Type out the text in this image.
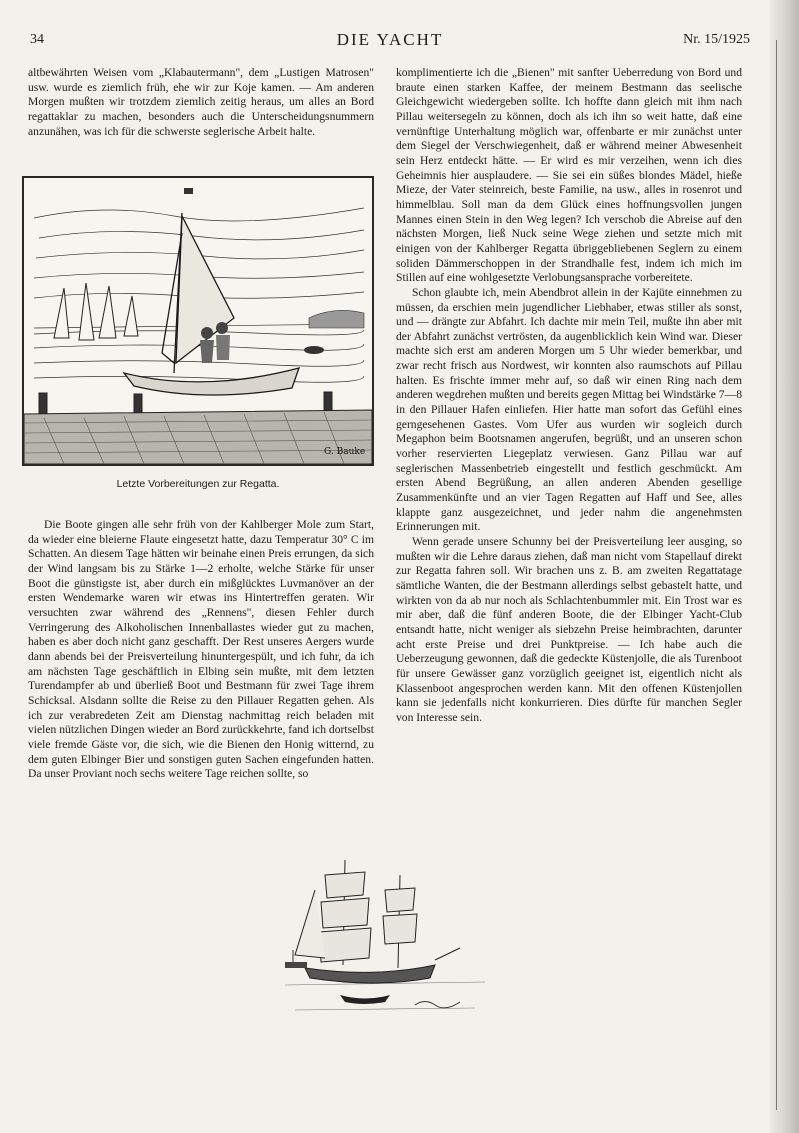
34	DIE YACHT	Nr. 15/1925

altbewährten Weisen vom „Klabautermann", dem „Lustigen Matrosen" usw. wurde es ziemlich früh, ehe wir zur Koje kamen. — Am anderen Morgen mußten wir trotzdem ziemlich zeitig heraus, um alles an Bord regattaklar zu machen, besonders auch die Unterscheidungsnummern anzunähen, was ich für die schwerste seglerische Arbeit halte.

G. Bauke
Letzte Vorbereitungen zur Regatta.

Die Boote gingen alle sehr früh von der Kahlberger Mole zum Start, da wieder eine bleierne Flaute eingesetzt hatte, dazu Temperatur 30° C im Schatten. An diesem Tage hätten wir beinahe einen Preis errungen, da sich der Wind langsam bis zu Stärke 1—2 erholte, welche Stärke für unser Boot die günstigste ist, aber durch ein mißglücktes Luvmanöver an der ersten Wendemarke waren wir etwas ins Hintertreffen geraten. Wir versuchten zwar während des „Rennens", diesen Fehler durch Verringerung des Alkoholischen Innenballastes wieder gut zu machen, haben es aber doch nicht ganz geschafft. Der Rest unseres Aergers wurde dann abends bei der Preisverteilung hinuntergespült, und ich fuhr, da ich am nächsten Tage geschäftlich in Elbing sein mußte, mit dem letzten Turendampfer ab und überließ Boot und Bestmann für zwei Tage ihrem Schicksal. Alsdann sollte die Reise zu den Pillauer Regatten gehen. Als ich zur verabredeten Zeit am Dienstag nachmittag reich beladen mit vielen nützlichen Dingen wieder an Bord zurückkehrte, fand ich dortselbst viele fremde Gäste vor, die sich, wie die Bienen den Honig witternd, zu dem guten Elbinger Bier und sonstigen guten Sachen eingefunden hatten. Da unser Proviant noch sechs weitere Tage reichen sollte, so

komplimentierte ich die „Bienen" mit sanfter Ueberredung von Bord und braute einen starken Kaffee, der meinem Bestmann das seelische Gleichgewicht wiedergeben sollte. Ich hoffte dann gleich mit ihm nach Pillau weitersegeln zu können, doch als ich ihn so weit hatte, daß eine vernünftige Unterhaltung möglich war, offenbarte er mir zunächst unter dem Siegel der Verschwiegenheit, daß er während meiner Abwesenheit sein Herz entdeckt hätte. — Er wird es mir verzeihen, wenn ich dies Geheimnis hier ausplaudere. — Sie sei ein süßes blondes Mädel, hieße Mieze, der Vater steinreich, beste Familie, na usw., alles in rosenrot und himmelblau. Soll man da dem Glück eines hoffnungsvollen jungen Mannes einen Stein in den Weg legen? Ich verschob die Abreise auf den nächsten Morgen, ließ Nuck seine Wege ziehen und setzte mich mit einigen von der Kahlberger Regatta übriggebliebenen Seglern zu einem soliden Dämmerschoppen in der Strandhalle fest, indem ich mich im Stillen auf eine wohlgesetzte Verlobungsansprache vorbereitete.

Schon glaubte ich, mein Abendbrot allein in der Kajüte einnehmen zu müssen, da erschien mein jugendlicher Liebhaber, etwas stiller als sonst, und — drängte zur Abfahrt. Ich dachte mir mein Teil, mußte ihn aber mit der Abfahrt zunächst vertrösten, da augenblicklich kein Wind war. Dieser machte sich erst am anderen Morgen um 5 Uhr wieder bemerkbar, und zwar recht frisch aus Nordwest, wir konnten also raumschots auf Pillau halten. Es frischte immer mehr auf, so daß wir einen Ring nach dem anderen wegdrehen mußten und bereits gegen Mittag bei Windstärke 7—8 in den Pillauer Hafen einliefen. Hier hatte man sofort das Gefühl eines gerngesehenen Gastes. Vom Ufer aus wurden wir sogleich durch Megaphon beim Bootsnamen angerufen, begrüßt, und an unseren schon vorher reservierten Liegeplatz verwiesen. Ganz Pillau war auf seglerischen Massenbetrieb eingestellt und festlich geschmückt. Am ersten Abend Begrüßung, an allen anderen Abenden gesellige Zusammenkünfte und an vier Tagen Regatten auf Haff und See, alles klappte ganz ausgezeichnet, und jeder nahm die angenehmsten Erinnerungen mit.

Wenn gerade unsere Schunny bei der Preisverteilung leer ausging, so mußten wir die Lehre daraus ziehen, daß man nicht vom Stapellauf direkt zur Regatta fahren soll. Wir brachen uns z. B. am zweiten Regattatage sämtliche Wanten, die der Bestmann allerdings selbst gebastelt hatte, und wirkten von da ab nur noch als Schlachtenbummler mit. Ein Trost war es mir aber, daß die fünf anderen Boote, die der Elbinger Yacht-Club entsandt hatte, nicht weniger als siebzehn Preise heimbrachten, darunter acht erste Preise und drei Punktpreise. — Ich habe auch die Ueberzeugung gewonnen, daß die gedeckte Küstenjolle, die als Turenboot für unsere Gewässer ganz vorzüglich geeignet ist, eigentlich nicht als Klassenboot angesprochen werden kann. Mit den offenen Küstenjollen kann sie jedenfalls nicht konkurrieren. Dies dürfte für manchen Segler von Interesse sein.
